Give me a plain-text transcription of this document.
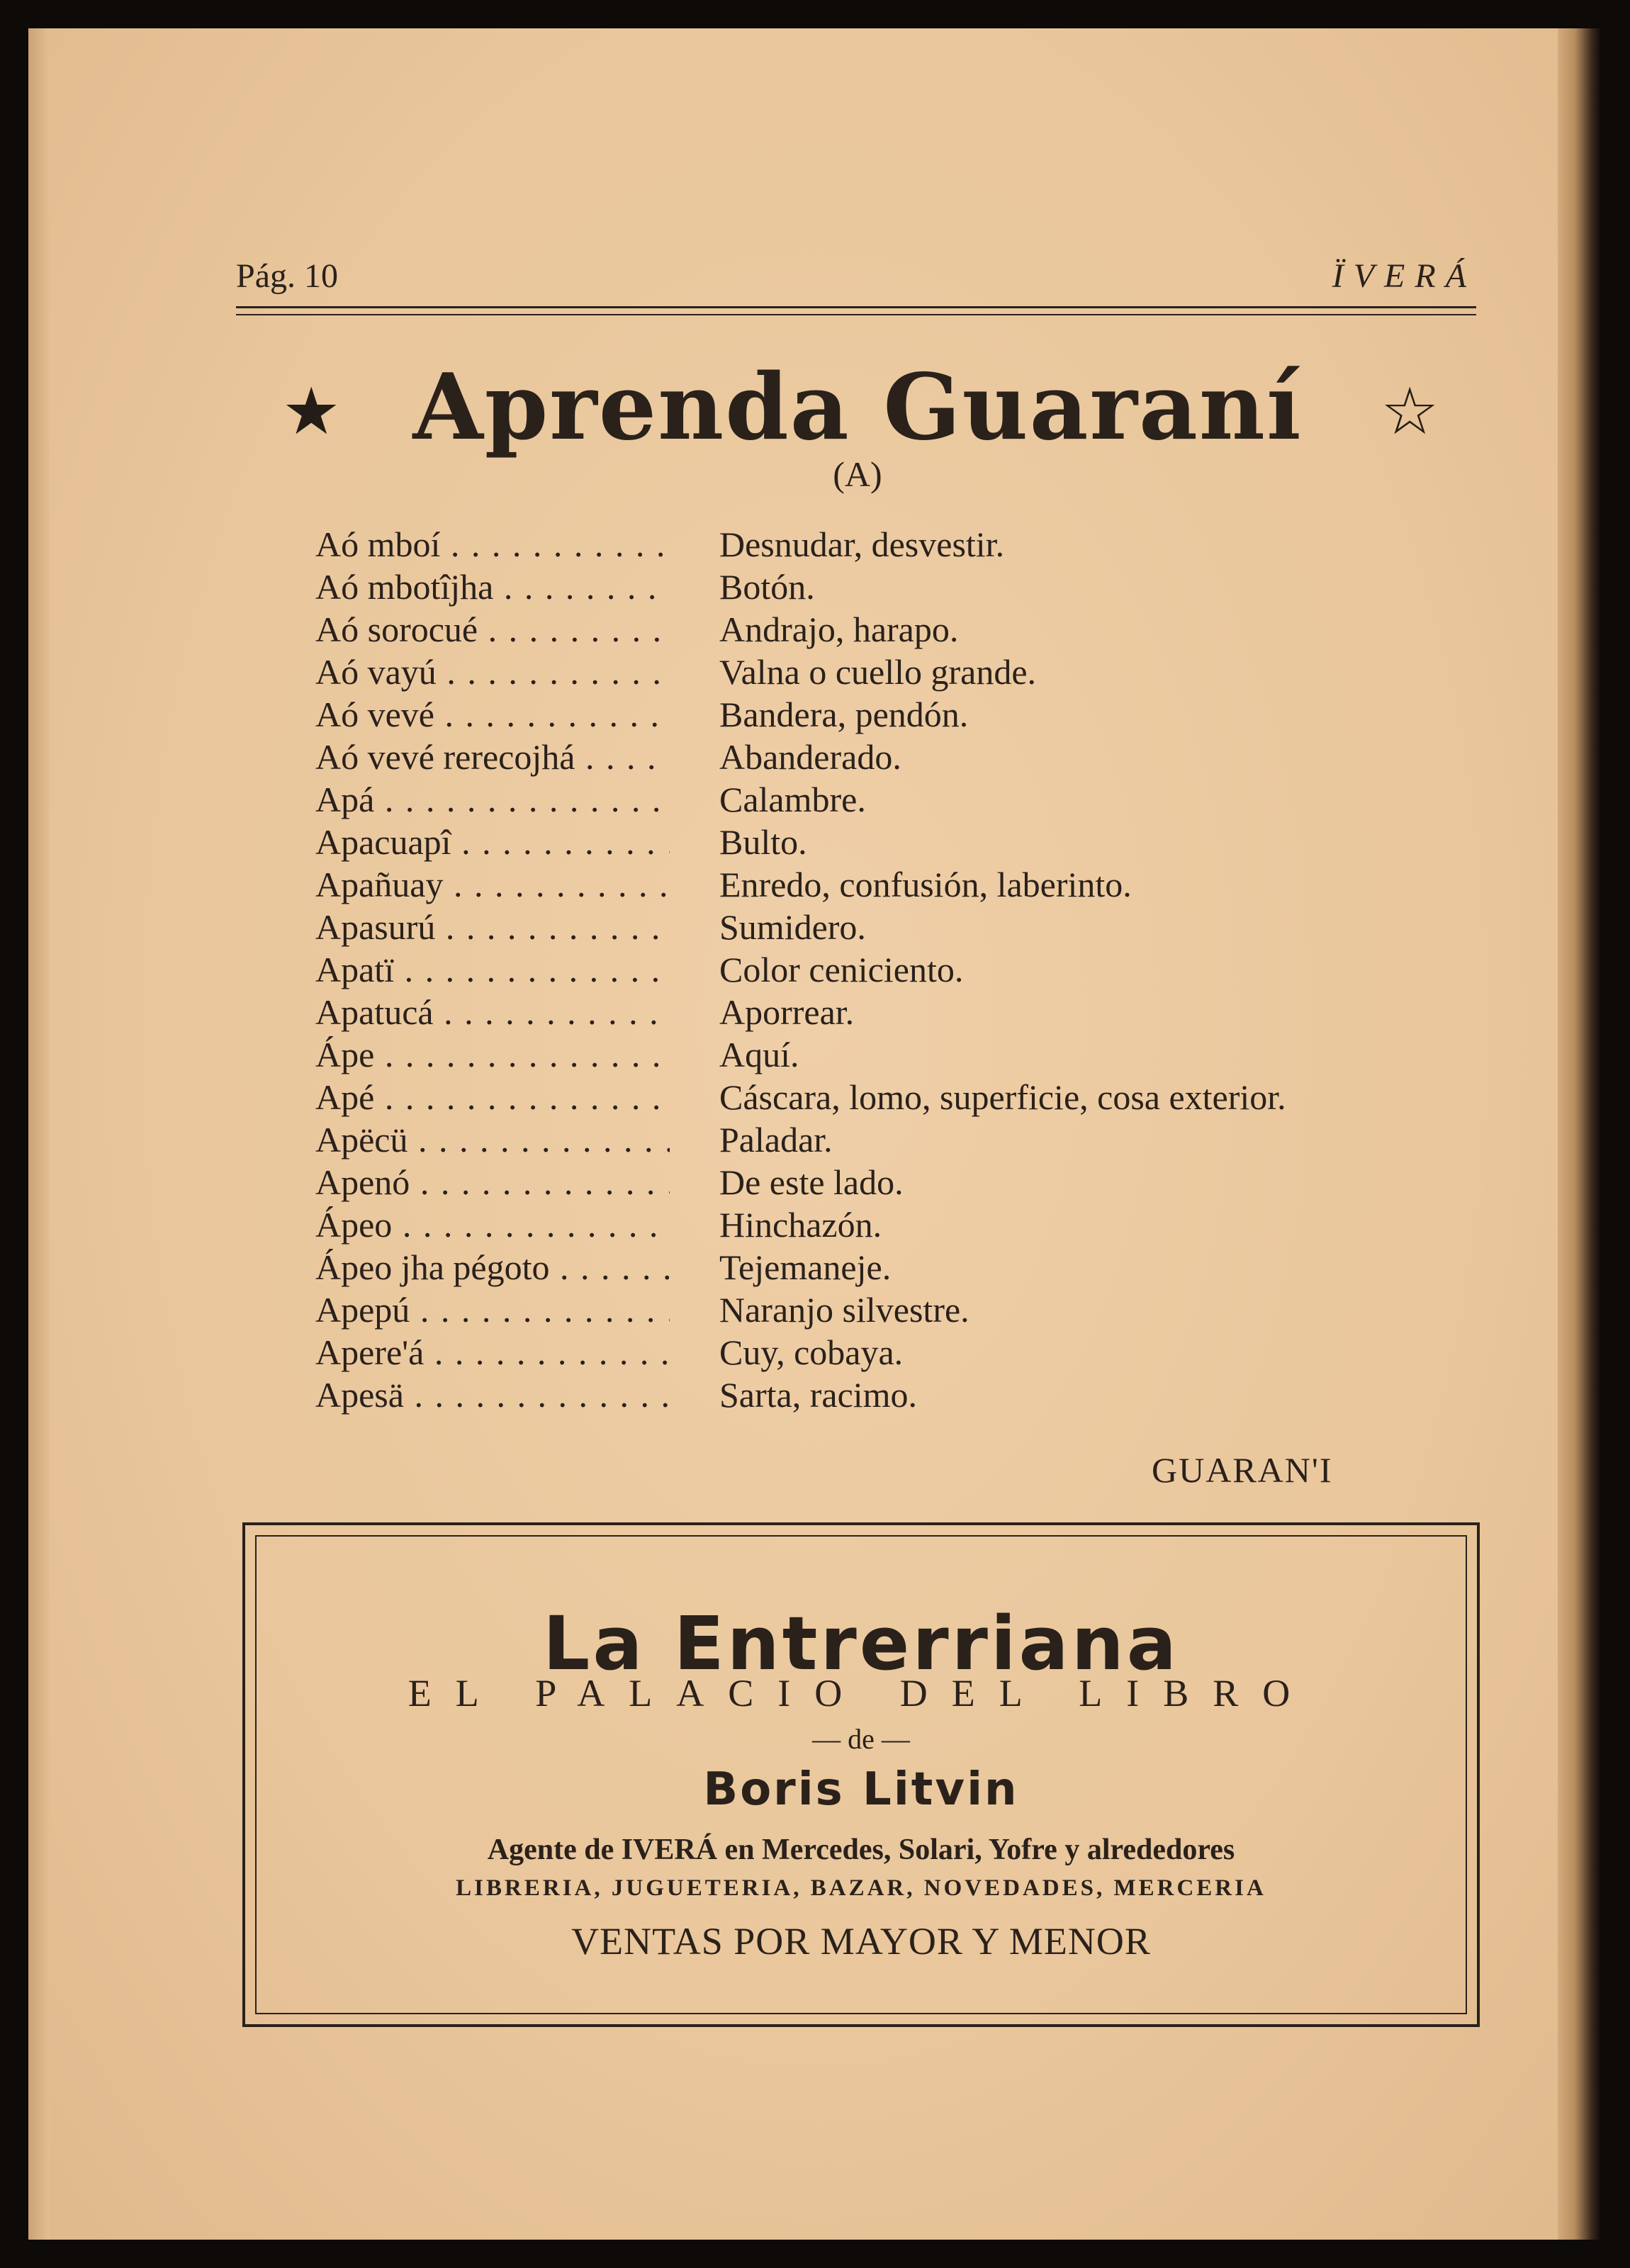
Pág. 10	ÏVERÁ
★ Aprenda Guaraní ☆
(A)
Aó mboí . . .	Desnudar, desvestir.
Aó mbotîjha . . .	Botón.
Aó sorocué . . .	Andrajo, harapo.
Aó vayú . . .	Valna o cuello grande.
Aó vevé . . .	Bandera, pendón.
Aó vevé rerecojhá . . .	Abanderado.
Apá . . .	Calambre.
Apacuapî . . .	Bulto.
Apañuay . . .	Enredo, confusión, laberinto.
Apasurú . . .	Sumidero.
Apatï . . .	Color ceniciento.
Apatucá . . .	Aporrear.
Ápe . . .	Aquí.
Apé . . .	Cáscara, lomo, superficie, cosa exterior.
Apëcü . . .	Paladar.
Apenó . . .	De este lado.
Ápeo . . .	Hinchazón.
Ápeo jha pégoto . . .	Tejemaneje.
Apepú . . .	Naranjo silvestre.
Apere'á . . .	Cuy, cobaya.
Apesä . . .	Sarta, racimo.
GUARAN'I
La Entrerriana
EL PALACIO DEL LIBRO
— de —
Boris Litvin
Agente de IVERÁ en Mercedes, Solari, Yofre y alrededores
LIBRERIA, JUGUETERIA, BAZAR, NOVEDADES, MERCERIA
VENTAS POR MAYOR Y MENOR
